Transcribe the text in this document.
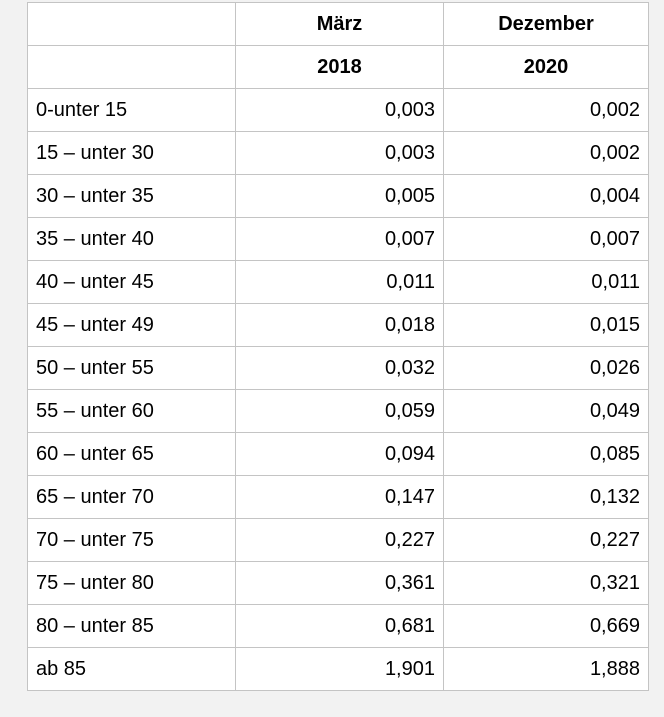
	März	Dezember
	2018	2020
0-unter 15	0,003	0,002
15 – unter 30	0,003	0,002
30 – unter 35	0,005	0,004
35 – unter 40	0,007	0,007
40 – unter 45	0,011	0,011
45 – unter 49	0,018	0,015
50 – unter 55	0,032	0,026
55 – unter 60	0,059	0,049
60 – unter 65	0,094	0,085
65 – unter 70	0,147	0,132
70 – unter 75	0,227	0,227
75 – unter 80	0,361	0,321
80 – unter 85	0,681	0,669
ab 85	1,901	1,888
